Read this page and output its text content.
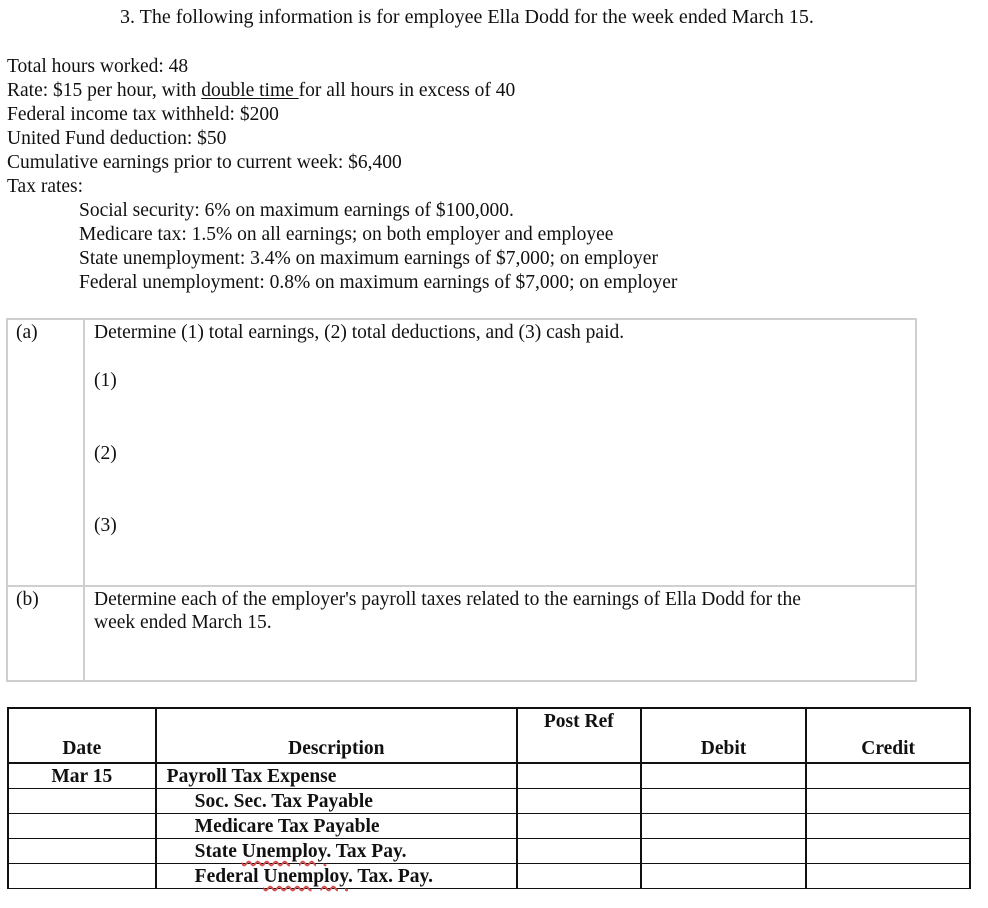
3. The following information is for employee Ella Dodd for the week ended March 15.
Total hours worked: 48
Rate: $15 per hour, with double time for all hours in excess of 40
Federal income tax withheld: $200
United Fund deduction: $50
Cumulative earnings prior to current week: $6,400
Tax rates:
Social security: 6% on maximum earnings of $100,000.
Medicare tax: 1.5% on all earnings; on both employer and employee
State unemployment: 3.4% on maximum earnings of $7,000; on employer
Federal unemployment: 0.8% on maximum earnings of $7,000; on employer
(a)	Determine (1) total earnings, (2) total deductions, and (3) cash paid.
(1)
(2)
(3)
(b)	Determine each of the employer's payroll taxes related to the earnings of Ella Dodd for the
week ended March 15.
Date	Description	Post Ref	Debit	Credit
Mar 15	Payroll Tax Expense			
	Soc. Sec. Tax Payable			
	Medicare Tax Payable			
	State Unemploy. Tax Pay.			
	Federal Unemploy. Tax. Pay.			
